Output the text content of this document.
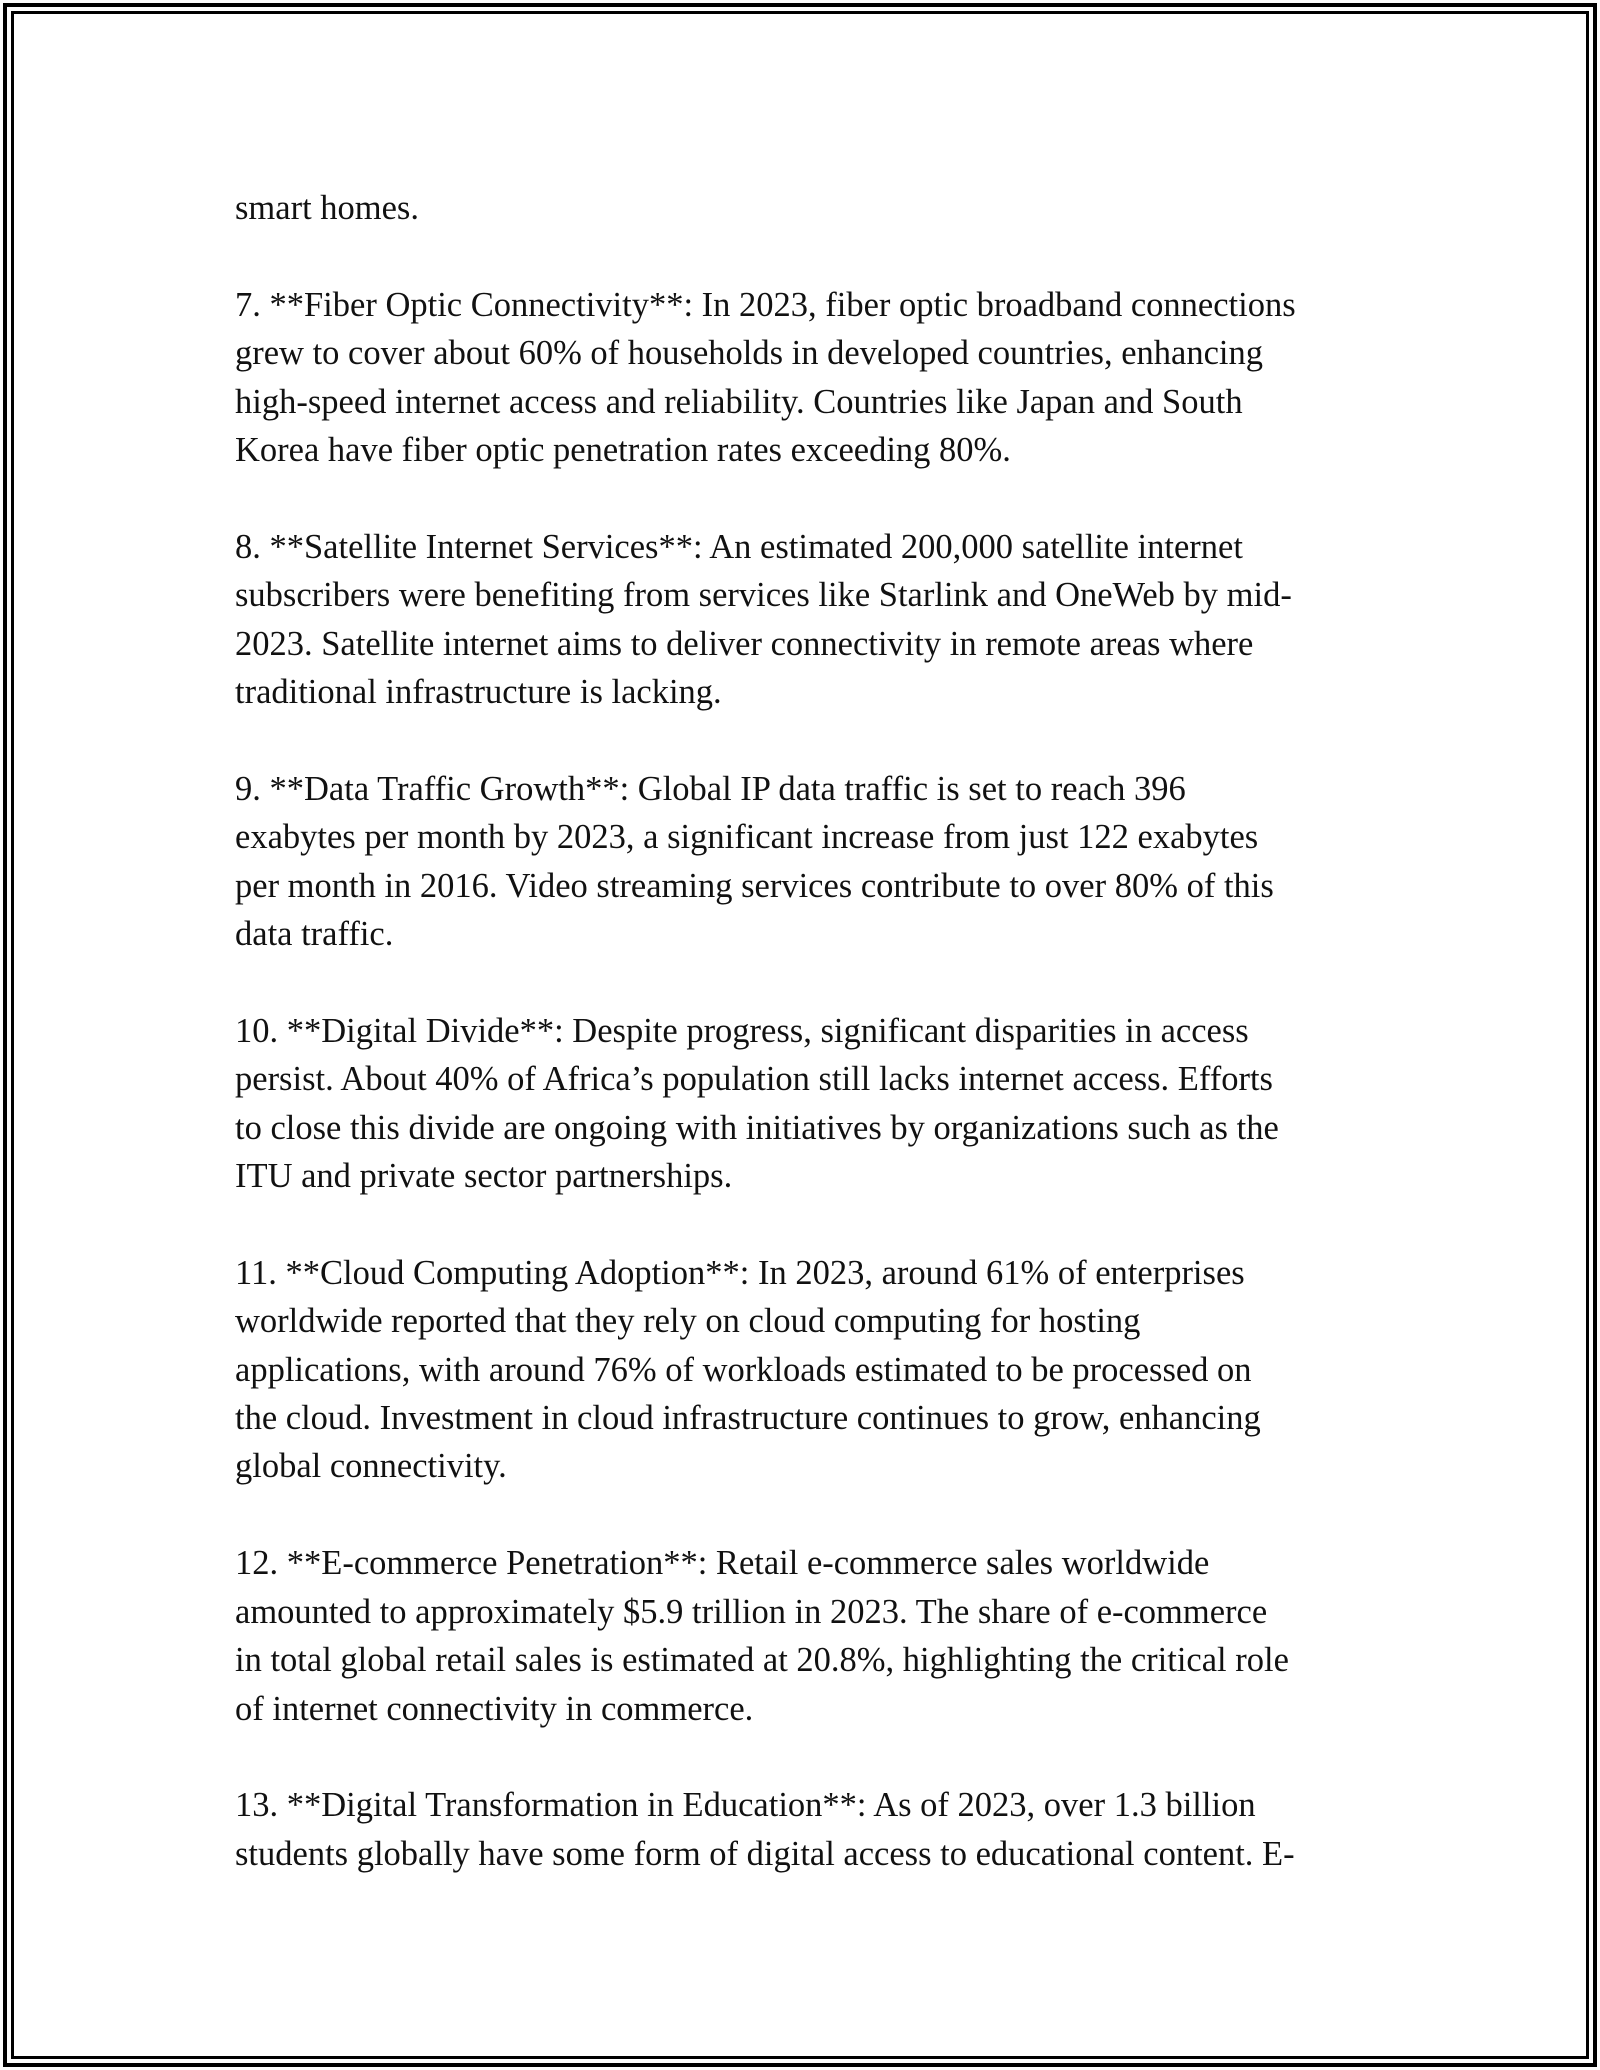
smart homes.

7. **Fiber Optic Connectivity**: In 2023, fiber optic broadband connections
grew to cover about 60% of households in developed countries, enhancing
high-speed internet access and reliability. Countries like Japan and South
Korea have fiber optic penetration rates exceeding 80%.

8. **Satellite Internet Services**: An estimated 200,000 satellite internet
subscribers were benefiting from services like Starlink and OneWeb by mid-
2023. Satellite internet aims to deliver connectivity in remote areas where
traditional infrastructure is lacking.

9. **Data Traffic Growth**: Global IP data traffic is set to reach 396
exabytes per month by 2023, a significant increase from just 122 exabytes
per month in 2016. Video streaming services contribute to over 80% of this
data traffic.

10. **Digital Divide**: Despite progress, significant disparities in access
persist. About 40% of Africa’s population still lacks internet access. Efforts
to close this divide are ongoing with initiatives by organizations such as the
ITU and private sector partnerships.

11. **Cloud Computing Adoption**: In 2023, around 61% of enterprises
worldwide reported that they rely on cloud computing for hosting
applications, with around 76% of workloads estimated to be processed on
the cloud. Investment in cloud infrastructure continues to grow, enhancing
global connectivity.

12. **E-commerce Penetration**: Retail e-commerce sales worldwide
amounted to approximately $5.9 trillion in 2023. The share of e-commerce
in total global retail sales is estimated at 20.8%, highlighting the critical role
of internet connectivity in commerce.

13. **Digital Transformation in Education**: As of 2023, over 1.3 billion
students globally have some form of digital access to educational content. E-
